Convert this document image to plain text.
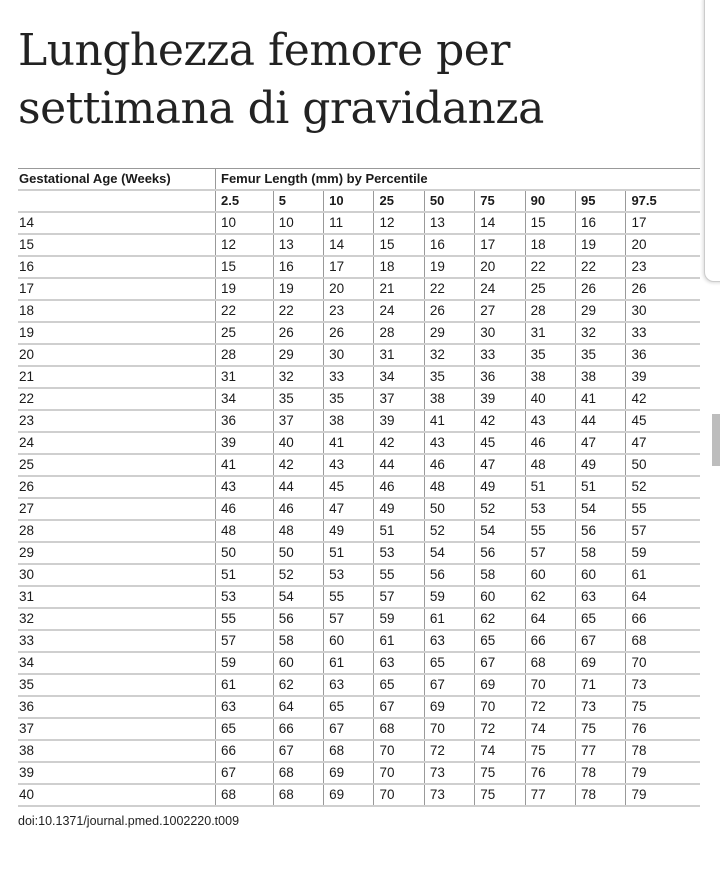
Lunghezza femore per
settimana di gravidanza
Gestational Age (Weeks)	Femur Length (mm) by Percentile								
	2.5	5	10	25	50	75	90	95	97.5
14	10	10	11	12	13	14	15	16	17
15	12	13	14	15	16	17	18	19	20
16	15	16	17	18	19	20	22	22	23
17	19	19	20	21	22	24	25	26	26
18	22	22	23	24	26	27	28	29	30
19	25	26	26	28	29	30	31	32	33
20	28	29	30	31	32	33	35	35	36
21	31	32	33	34	35	36	38	38	39
22	34	35	35	37	38	39	40	41	42
23	36	37	38	39	41	42	43	44	45
24	39	40	41	42	43	45	46	47	47
25	41	42	43	44	46	47	48	49	50
26	43	44	45	46	48	49	51	51	52
27	46	46	47	49	50	52	53	54	55
28	48	48	49	51	52	54	55	56	57
29	50	50	51	53	54	56	57	58	59
30	51	52	53	55	56	58	60	60	61
31	53	54	55	57	59	60	62	63	64
32	55	56	57	59	61	62	64	65	66
33	57	58	60	61	63	65	66	67	68
34	59	60	61	63	65	67	68	69	70
35	61	62	63	65	67	69	70	71	73
36	63	64	65	67	69	70	72	73	75
37	65	66	67	68	70	72	74	75	76
38	66	67	68	70	72	74	75	77	78
39	67	68	69	70	73	75	76	78	79
40	68	68	69	70	73	75	77	78	79
doi:10.1371/journal.pmed.1002220.t009
